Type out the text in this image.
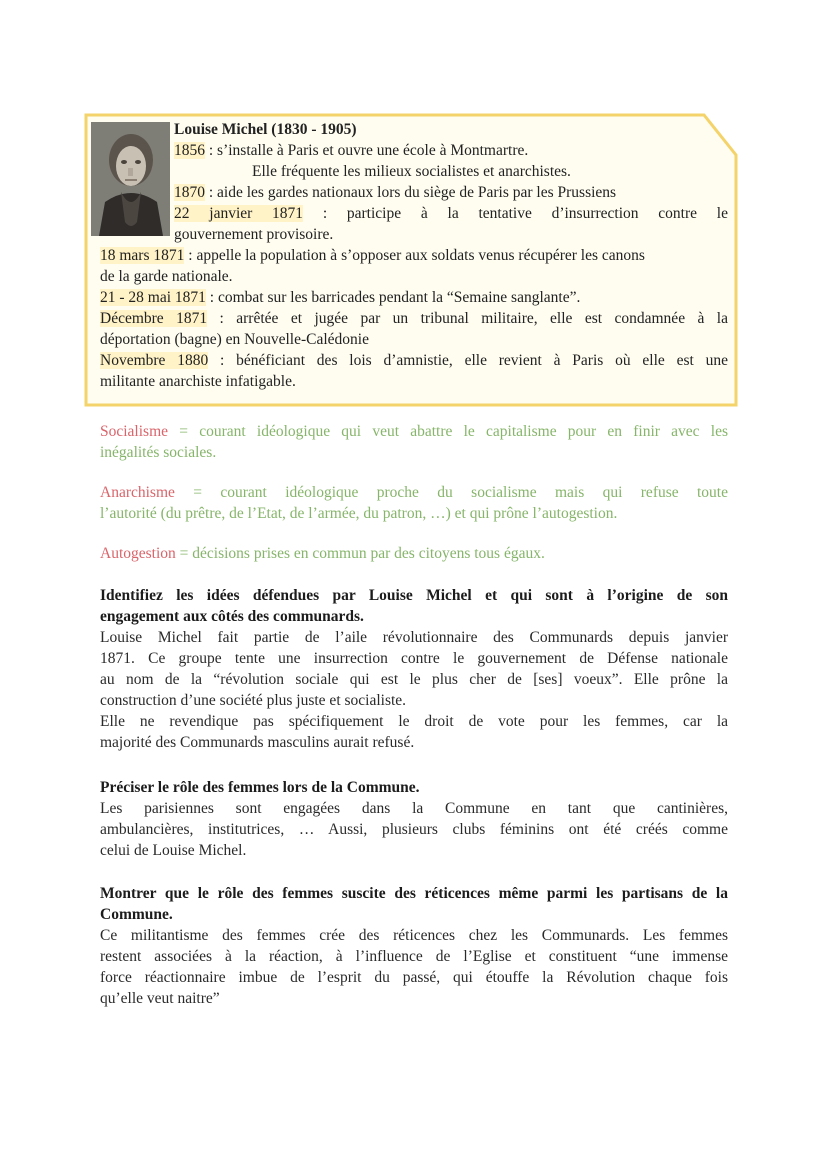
Louise Michel (1830 - 1905)
1856 : s’installe à Paris et ouvre une école à Montmartre.
Elle fréquente les milieux socialistes et anarchistes.
1870 : aide les gardes nationaux lors du siège de Paris par les Prussiens
22 janvier 1871 : participe à la tentative d’insurrection contre le
gouvernement provisoire.
18 mars 1871 : appelle la population à s’opposer aux soldats venus récupérer les canons
de la garde nationale.
21 - 28 mai 1871 : combat sur les barricades pendant la “Semaine sanglante”.
Décembre 1871 : arrêtée et jugée par un tribunal militaire, elle est condamnée à la
déportation (bagne) en Nouvelle-Calédonie
Novembre 1880 : bénéficiant des lois d’amnistie, elle revient à Paris où elle est une
militante anarchiste infatigable.
Socialisme = courant idéologique qui veut abattre le capitalisme pour en finir avec les
inégalités sociales.
Anarchisme = courant idéologique proche du socialisme mais qui refuse toute
l’autorité (du prêtre, de l’Etat, de l’armée, du patron, …) et qui prône l’autogestion.
Autogestion = décisions prises en commun par des citoyens tous égaux.
Identifiez les idées défendues par Louise Michel et qui sont à l’origine de son
engagement aux côtés des communards.
Louise Michel fait partie de l’aile révolutionnaire des Communards depuis janvier
1871. Ce groupe tente une insurrection contre le gouvernement de Défense nationale
au nom de la “révolution sociale qui est le plus cher de [ses] voeux”. Elle prône la
construction d’une société plus juste et socialiste.
Elle ne revendique pas spécifiquement le droit de vote pour les femmes, car la
majorité des Communards masculins aurait refusé.
Préciser le rôle des femmes lors de la Commune.
Les parisiennes sont engagées dans la Commune en tant que cantinières,
ambulancières, institutrices, … Aussi, plusieurs clubs féminins ont été créés comme
celui de Louise Michel.
Montrer que le rôle des femmes suscite des réticences même parmi les partisans de la
Commune.
Ce militantisme des femmes crée des réticences chez les Communards. Les femmes
restent associées à la réaction, à l’influence de l’Eglise et constituent “une immense
force réactionnaire imbue de l’esprit du passé, qui étouffe la Révolution chaque fois
qu’elle veut naitre”
